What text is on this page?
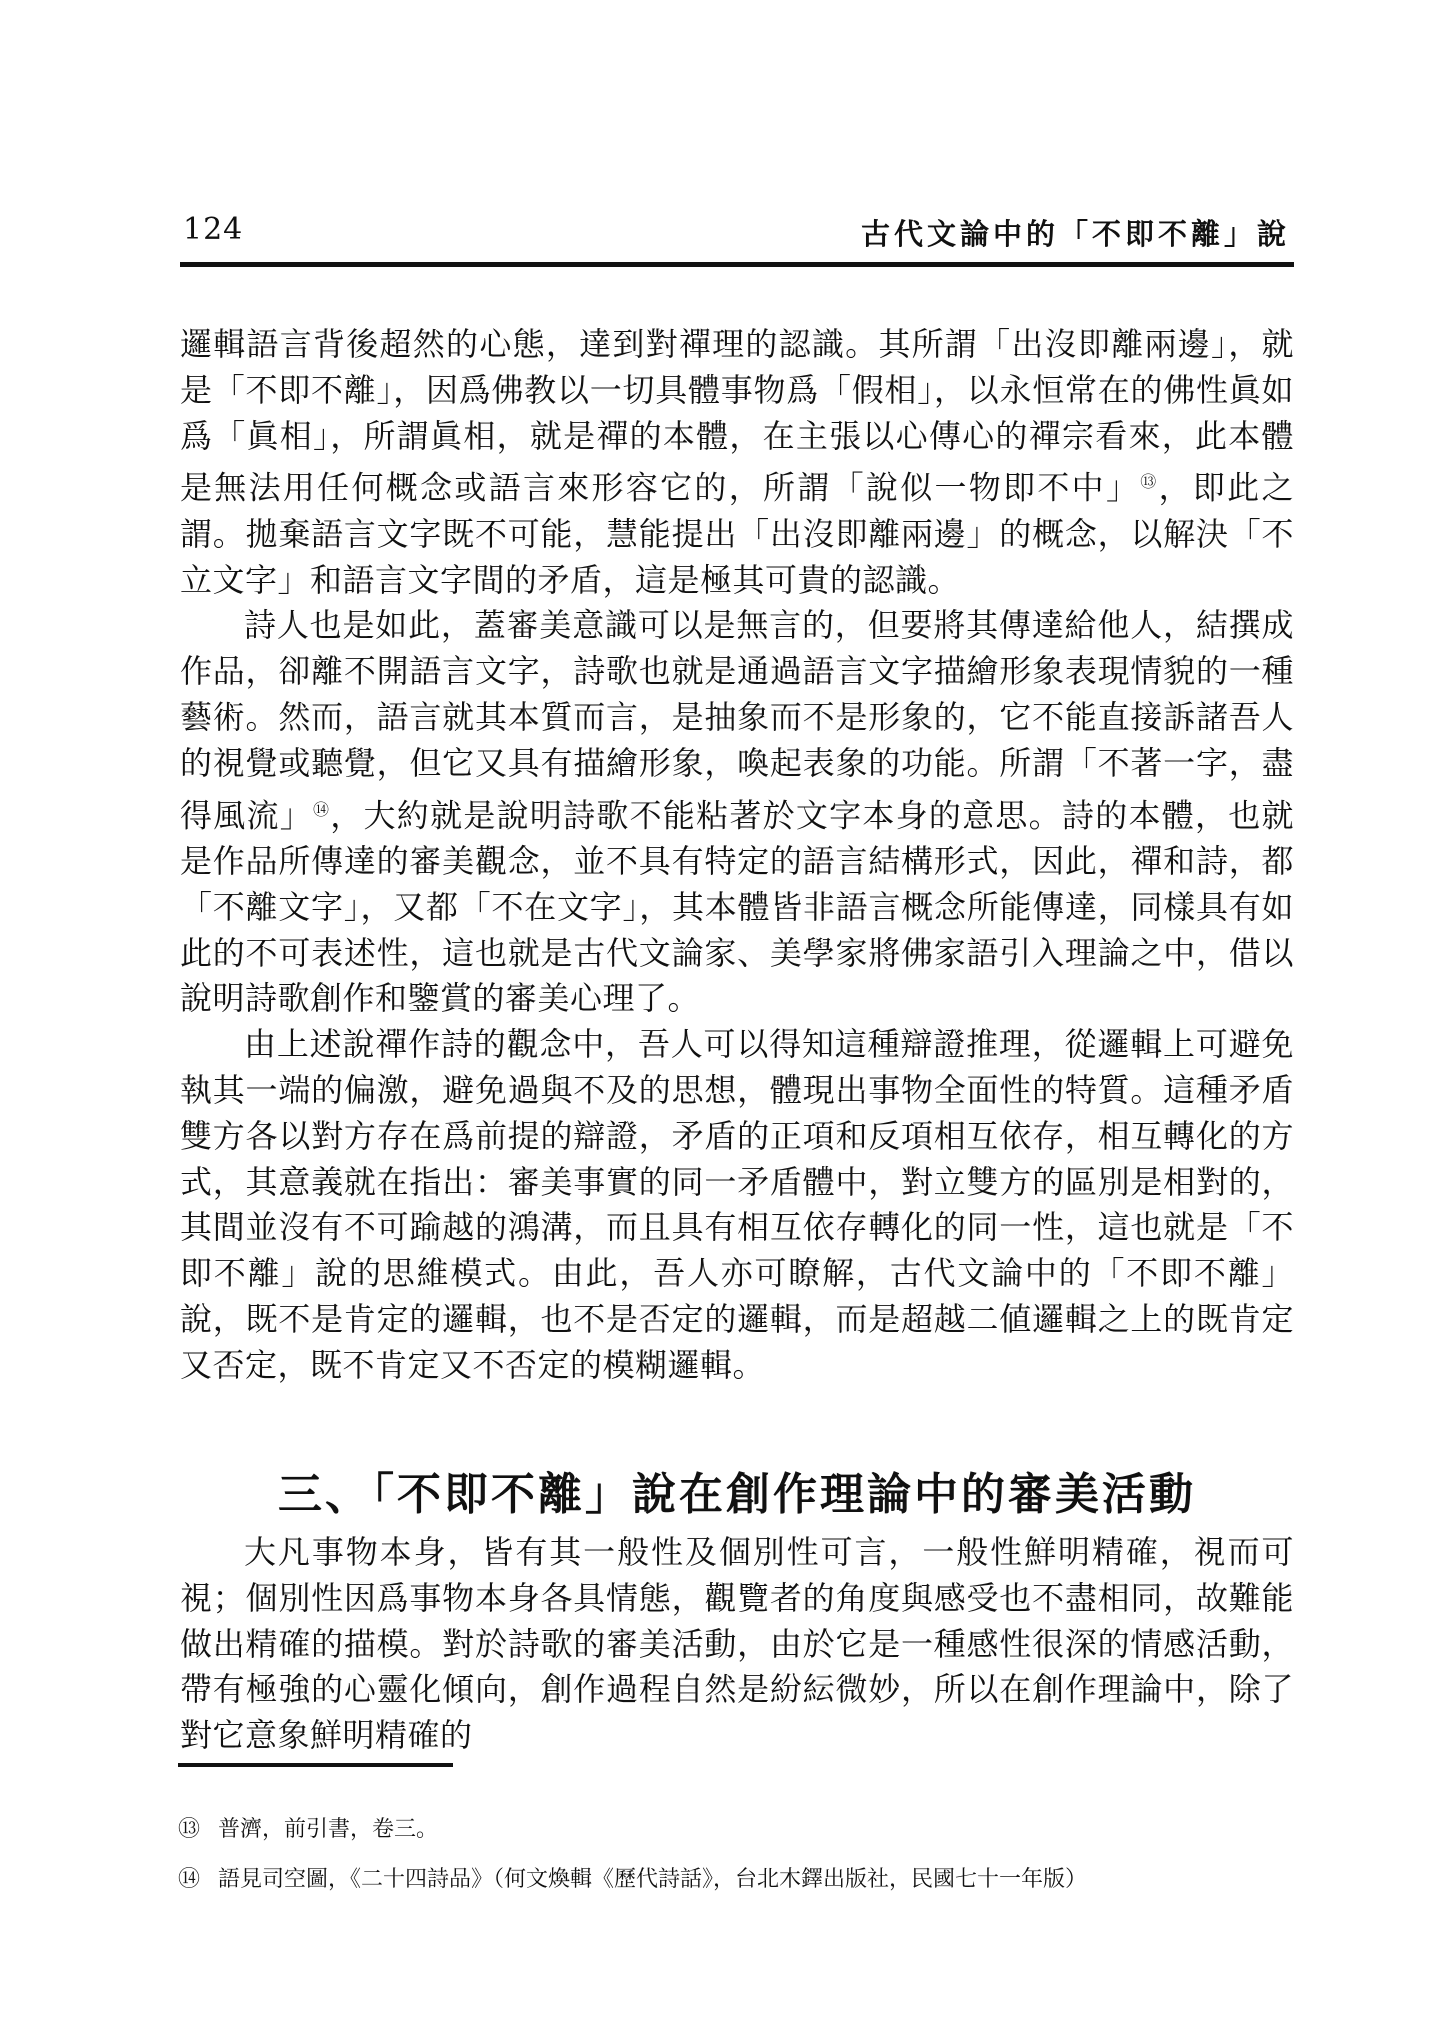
124	古代文論中的「不即不離」說

邏輯語言背後超然的心態，達到對禪理的認識。其所謂「出沒即離兩邊」，就是「不即不離」，因爲佛教以一切具體事物爲「假相」，以永恒常在的佛性眞如爲「眞相」，所謂眞相，就是禪的本體，在主張以心傳心的禪宗看來，此本體是無法用任何概念或語言來形容它的，所謂「說似一物即不中」⑬，即此之謂。拋棄語言文字既不可能，慧能提出「出沒即離兩邊」的概念，以解決「不立文字」和語言文字間的矛盾，這是極其可貴的認識。

詩人也是如此，蓋審美意識可以是無言的，但要將其傳達給他人，結撰成作品，卻離不開語言文字，詩歌也就是通過語言文字描繪形象表現情貌的一種藝術。然而，語言就其本質而言，是抽象而不是形象的，它不能直接訴諸吾人的視覺或聽覺，但它又具有描繪形象，喚起表象的功能。所謂「不著一字，盡得風流」⑭，大約就是說明詩歌不能粘著於文字本身的意思。詩的本體，也就是作品所傳達的審美觀念，並不具有特定的語言結構形式，因此，禪和詩，都「不離文字」，又都「不在文字」，其本體皆非語言概念所能傳達，同樣具有如此的不可表述性，這也就是古代文論家、美學家將佛家語引入理論之中，借以說明詩歌創作和鑒賞的審美心理了。

由上述說禪作詩的觀念中，吾人可以得知這種辯證推理，從邏輯上可避免執其一端的偏激，避免過與不及的思想，體現出事物全面性的特質。這種矛盾雙方各以對方存在爲前提的辯證，矛盾的正項和反項相互依存，相互轉化的方式，其意義就在指出：審美事實的同一矛盾體中，對立雙方的區別是相對的，其間並沒有不可踰越的鴻溝，而且具有相互依存轉化的同一性，這也就是「不即不離」說的思維模式。由此，吾人亦可瞭解，古代文論中的「不即不離」說，既不是肯定的邏輯，也不是否定的邏輯，而是超越二値邏輯之上的既肯定又否定，既不肯定又不否定的模糊邏輯。

三、「不即不離」說在創作理論中的審美活動

大凡事物本身，皆有其一般性及個別性可言，一般性鮮明精確，視而可視；個別性因爲事物本身各具情態，觀覽者的角度與感受也不盡相同，故難能做出精確的描模。對於詩歌的審美活動，由於它是一種感性很深的情感活動，帶有極強的心靈化傾向，創作過程自然是紛紜微妙，所以在創作理論中，除了對它意象鮮明精確的

⑬ 普濟，前引書，卷三。
⑭ 語見司空圖，《二十四詩品》（何文煥輯《歷代詩話》，台北木鐸出版社，民國七十一年版）
